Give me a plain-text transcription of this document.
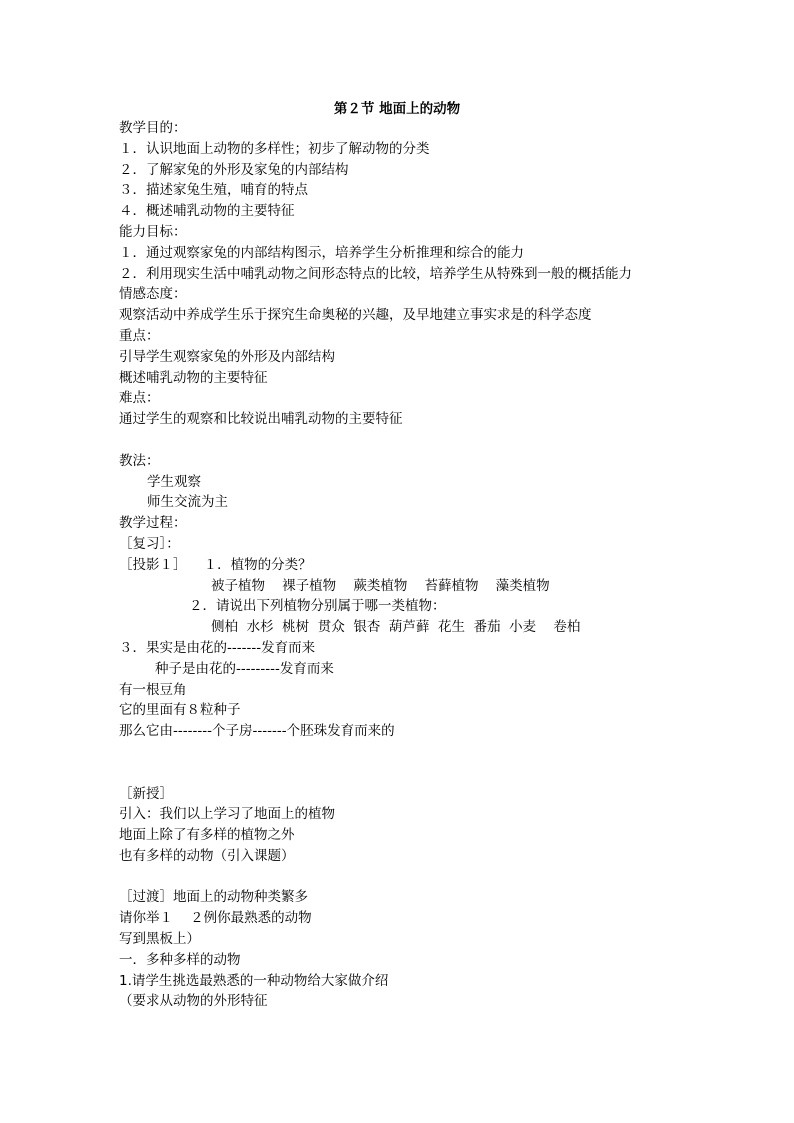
第２节 地面上的动物
教学目的：
１．认识地面上动物的多样性；初步了解动物的分类
２．了解家兔的外形及家兔的内部结构
３．描述家兔生殖，哺育的特点
４．概述哺乳动物的主要特征
能力目标：
１．通过观察家兔的内部结构图示，培养学生分析推理和综合的能力
２．利用现实生活中哺乳动物之间形态特点的比较，培养学生从特殊到一般的概括能力
情感态度：
观察活动中养成学生乐于探究生命奥秘的兴趣，及早地建立事实求是的科学态度
重点：
引导学生观察家兔的外形及内部结构
概述哺乳动物的主要特征
难点：
通过学生的观察和比较说出哺乳动物的主要特征
教法：
学生观察
师生交流为主
教学过程：
［复习］：
［投影１］    １．植物的分类？
被子植物    裸子植物    蕨类植物    苔藓植物    藻类植物
２．请说出下列植物分别属于哪一类植物：
侧柏  水杉  桃树  贯众  银杏  葫芦藓  花生  番茄  小麦    卷柏
３．果实是由花的-------发育而来
种子是由花的---------发育而来
有一根豆角
它的里面有８粒种子
那么它由--------个子房-------个胚珠发育而来的
［新授］
引入：我们以上学习了地面上的植物
地面上除了有多样的植物之外
也有多样的动物（引入课题）
［过渡］地面上的动物种类繁多
请你举１    ２例你最熟悉的动物
写到黑板上）
一．多种多样的动物
1.请学生挑选最熟悉的一种动物给大家做介绍
（要求从动物的外形特征
